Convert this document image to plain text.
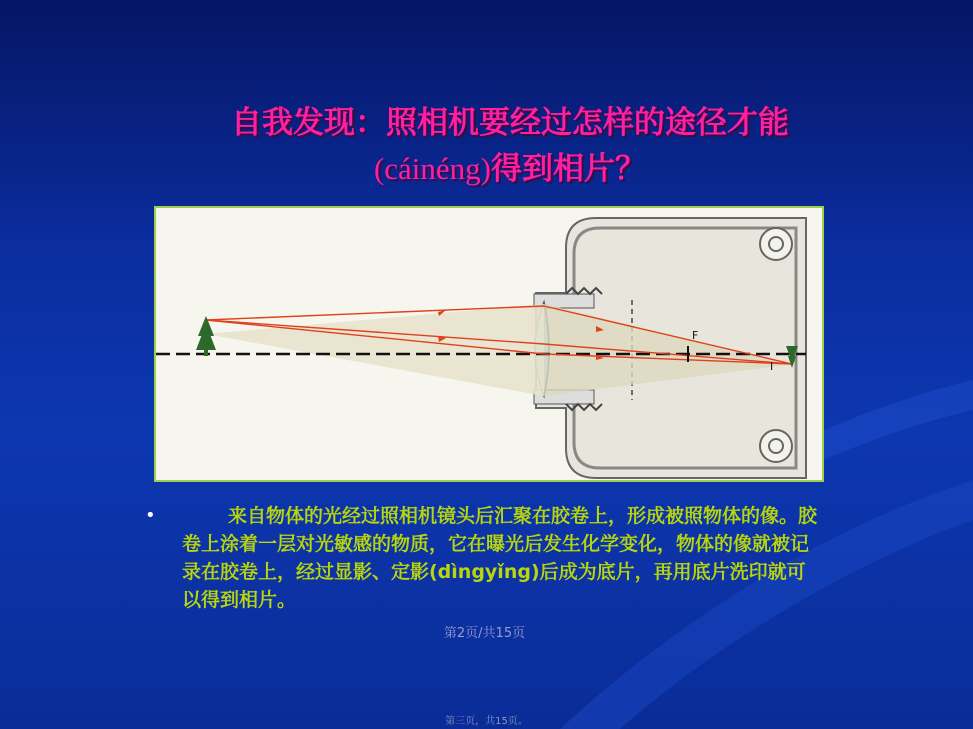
自我发现：照相机要经过怎样的途径才能
(cáinéng)得到相片？
F
I
•	来自物体的光经过照相机镜头后汇聚在胶卷上，形成被照物体的像。胶卷上涂着一层对光敏感的物质，它在曝光后发生化学变化，物体的像就被记录在胶卷上，经过显影、定影(dìngyǐng)后成为底片，再用底片洗印就可以得到相片。
第2页/共15页
第三页，共15页。
